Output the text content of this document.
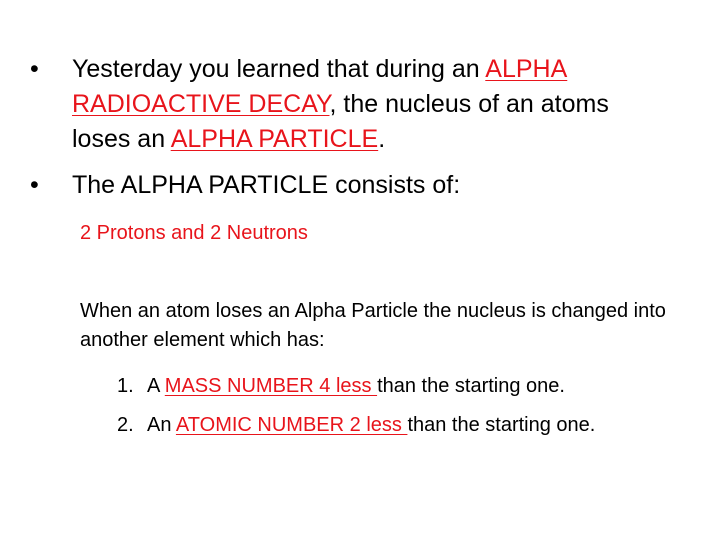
•	Yesterday you learned that during an ALPHA RADIOACTIVE DECAY, the nucleus of an atoms loses an ALPHA PARTICLE.
•	The ALPHA PARTICLE consists of:
2 Protons and 2 Neutrons
When an atom loses an Alpha Particle the nucleus is changed into another element which has:
1. A MASS NUMBER 4 less than the starting one.
2. An ATOMIC NUMBER 2 less than the starting one.
